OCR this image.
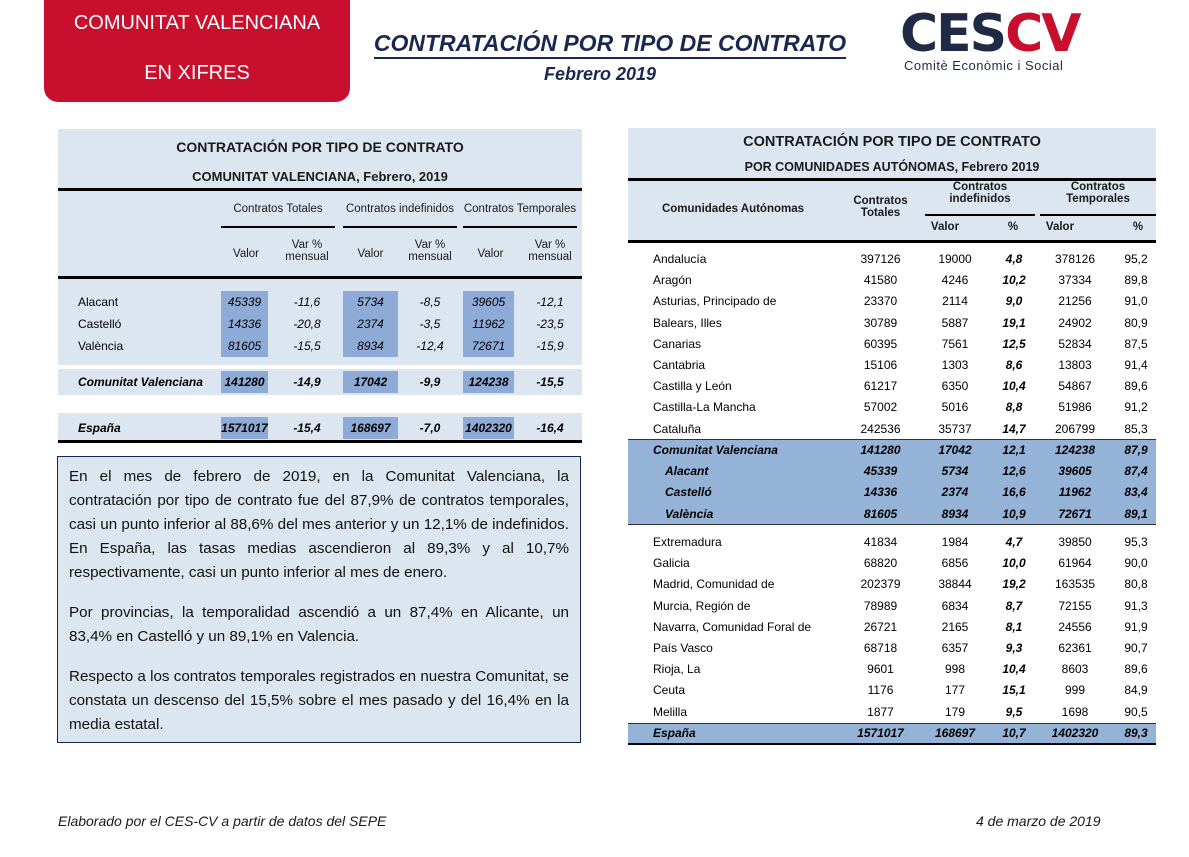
COMUNITAT VALENCIANA
EN XIFRES
CONTRATACIÓN POR TIPO DE CONTRATO
Febrero 2019
CESCV
Comitè Econòmic i Social
CONTRATACIÓN POR TIPO DE CONTRATO
COMUNITAT VALENCIANA, Febrero, 2019
Contratos Totales	Contratos indefinidos Contratos Temporales
Valor
Var %
mensual	Valor
Var %
mensual	Valor
Var %
mensual
Alacant	45339	-11,6	5734	-8,5	39605	-12,1
Castelló	14336	-20,8	2374	-3,5	11962	-23,5
València	81605	-15,5	8934	-12,4	72671	-15,9
Comunitat Valenciana 141280	-14,9	17042	-9,9	124238	-15,5
España	1571017	-15,4	168697	-7,0	1402320	-16,4

En el mes de febrero de 2019, en la Comunitat Valenciana, la contratación por tipo de contrato fue del 87,9% de contratos temporales, casi un punto inferior al 88,6% del mes anterior y un 12,1% de indefinidos. En España, las tasas medias ascendieron al 89,3% y al 10,7% respectivamente, casi un punto inferior al mes de enero.

Por provincias, la temporalidad ascendió a un 87,4% en Alicante, un 83,4% en Castelló y un 89,1% en Valencia.

Respecto a los contratos temporales registrados en nuestra Comunitat, se constata un descenso del 15,5% sobre el mes pasado y del 16,4% en la media estatal.

CONTRATACIÓN POR TIPO DE CONTRATO
POR COMUNIDADES AUTÓNOMAS, Febrero 2019
Comunidades Autónomas
Contratos
Totales
Contratos
indefinidos
Contratos
Temporales
Valor	%	Valor	%
Andalucía	397126	19000	4,8	378126	95,2
Aragón	41580	4246	10,2	37334	89,8
Asturias, Principado de	23370	2114	9,0	21256	91,0
Balears, Illes	30789	5887	19,1	24902	80,9
Canarias	60395	7561	12,5	52834	87,5
Cantabria	15106	1303	8,6	13803	91,4
Castilla y León	61217	6350	10,4	54867	89,6
Castilla-La Mancha	57002	5016	8,8	51986	91,2
Cataluña	242536	35737	14,7	206799	85,3
Comunitat Valenciana	141280	17042	12,1	124238	87,9
Alacant	45339	5734	12,6	39605	87,4
Castelló	14336	2374	16,6	11962	83,4
València	81605	8934	10,9	72671	89,1
Extremadura	41834	1984	4,7	39850	95,3
Galicia	68820	6856	10,0	61964	90,0
Madrid, Comunidad de	202379	38844	19,2	163535	80,8
Murcia, Región de	78989	6834	8,7	72155	91,3
Navarra, Comunidad Foral de	26721	2165	8,1	24556	91,9
País Vasco	68718	6357	9,3	62361	90,7
Rioja, La	9601	998	10,4	8603	89,6
Ceuta	1176	177	15,1	999	84,9
Melilla	1877	179	9,5	1698	90,5
España	1571017	168697	10,7	1402320	89,3
Elaborado por el CES-CV a partir de datos del SEPE	4 de marzo de 2019
